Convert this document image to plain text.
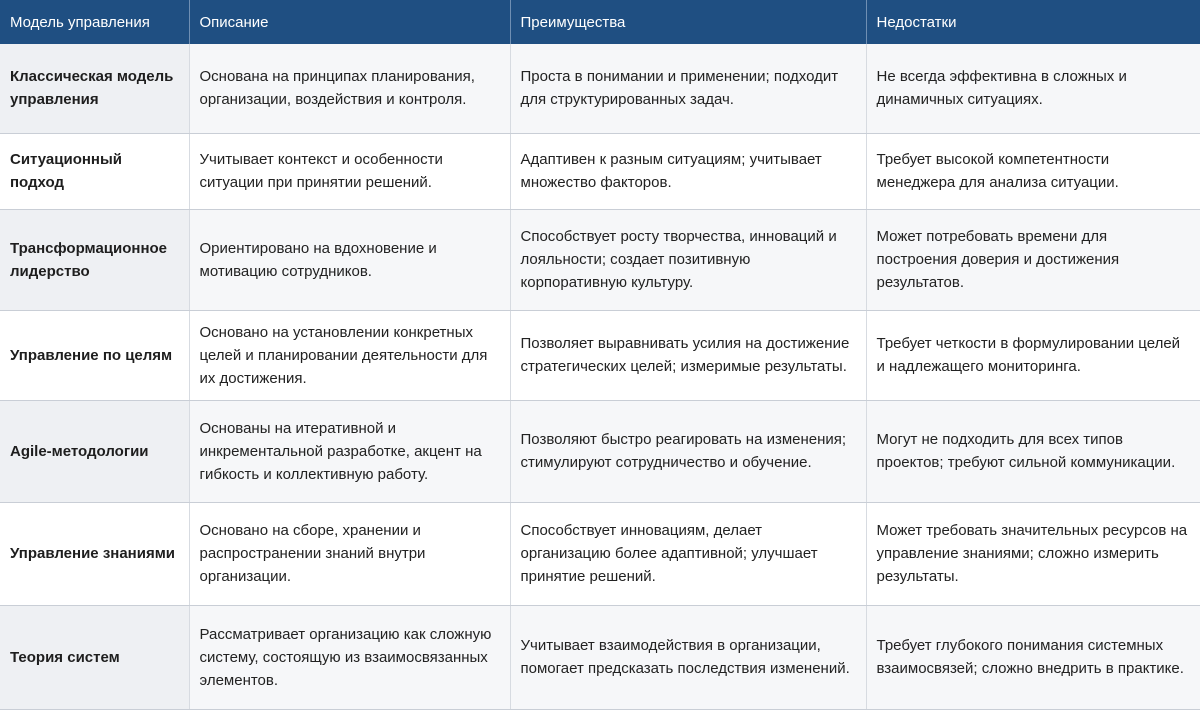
Модель управления	Описание	Преимущества	Недостатки
Классическая модель управления	Основана на принципах планирования, организации, воздействия и контроля.	Проста в понимании и применении; подходит для структурированных задач.	Не всегда эффективна в сложных и динамичных ситуациях.
Ситуационный подход	Учитывает контекст и особенности ситуации при принятии решений.	Адаптивен к разным ситуациям; учитывает множество факторов.	Требует высокой компетентности менеджера для анализа ситуации.
Трансформационное лидерство	Ориентировано на вдохновение и мотивацию сотрудников.	Способствует росту творчества, инноваций и лояльности; создает позитивную корпоративную культуру.	Может потребовать времени для построения доверия и достижения результатов.
Управление по целям	Основано на установлении конкретных целей и планировании деятельности для их достижения.	Позволяет выравнивать усилия на достижение стратегических целей; измеримые результаты.	Требует четкости в формулировании целей и надлежащего мониторинга.
Agile-методологии	Основаны на итеративной и инкрементальной разработке, акцент на гибкость и коллективную работу.	Позволяют быстро реагировать на изменения; стимулируют сотрудничество и обучение.	Могут не подходить для всех типов проектов; требуют сильной коммуникации.
Управление знаниями	Основано на сборе, хранении и распространении знаний внутри организации.	Способствует инновациям, делает организацию более адаптивной; улучшает принятие решений.	Может требовать значительных ресурсов на управление знаниями; сложно измерить результаты.
Теория систем	Рассматривает организацию как сложную систему, состоящую из взаимосвязанных элементов.	Учитывает взаимодействия в организации, помогает предсказать последствия изменений.	Требует глубокого понимания системных взаимосвязей; сложно внедрить в практике.
